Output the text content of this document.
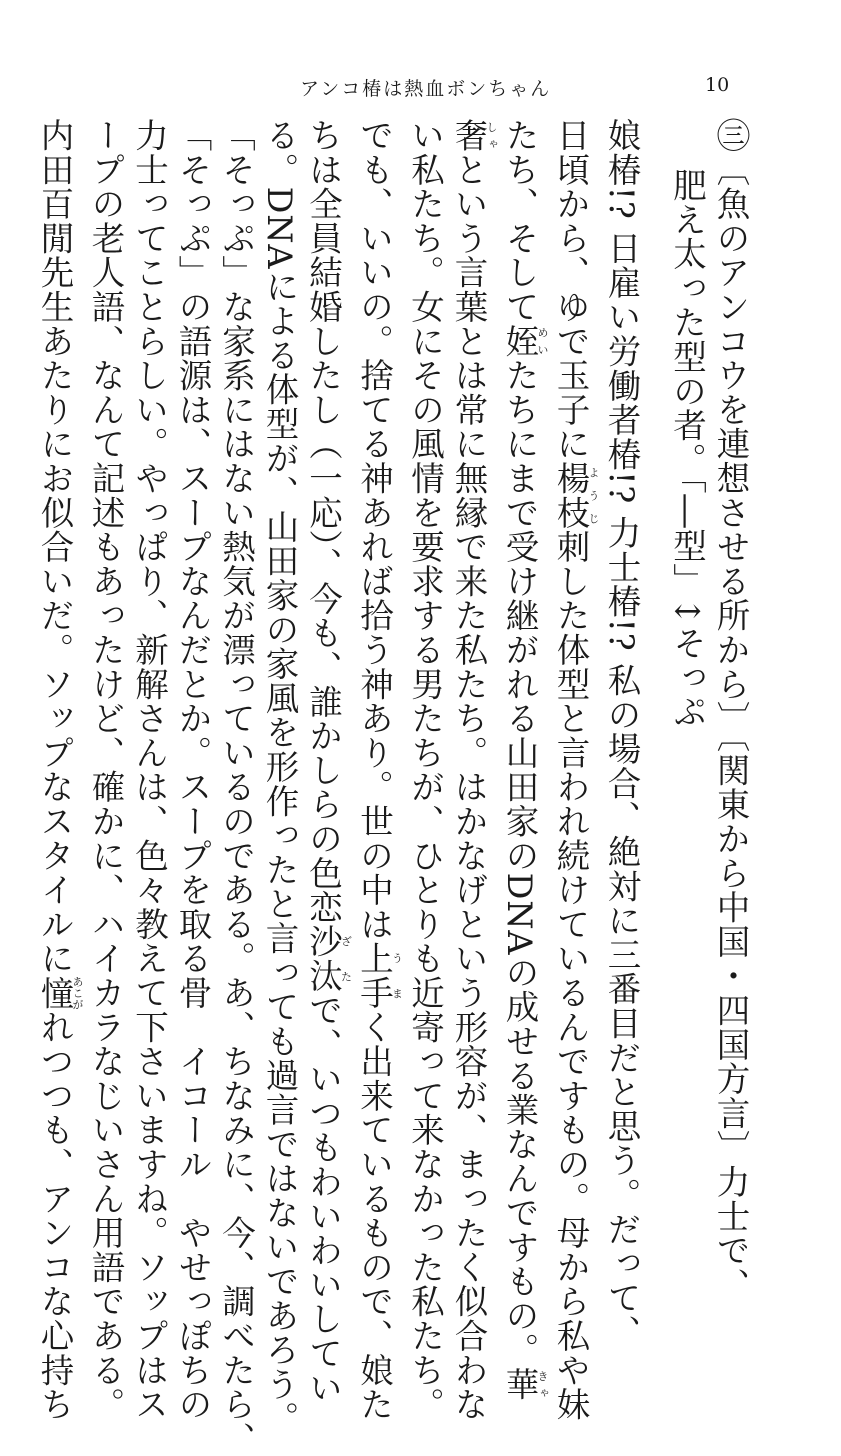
アンコ椿は熱血ボンちゃん	10
㊂〔魚のアンコウを連想させる所から〕〔関東から中国・四国方言〕力士で、
肥え太った型の者。「―型」↕そっぷ
娘椿!? 日雇い労働者椿!? 力士椿!? 私の場合、絶対に三番目だと思う。だって、
日頃から、ゆで玉子に楊枝ようじ刺した体型と言われ続けているんですもの。母から私や妹
たち、そして姪めいたちにまで受け継がれる山田家のDNAの成せる業なんですもの。華きゃ
奢しゃという言葉とは常に無縁で来た私たち。はかなげという形容が、まったく似合わな
い私たち。女にその風情を要求する男たちが、ひとりも近寄って来なかった私たち。
でも、いいの。捨てる神あれば拾う神あり。世の中は上手うまく出来ているもので、娘た
ちは全員結婚したし（一応）、今も、誰かしらの色恋沙汰ざたで、いつもわいわいしてい
る。DNAによる体型が、山田家の家風を形作ったと言っても過言ではないであろう。
「そっぷ」な家系にはない熱気が漂っているのである。あ、ちなみに、今、調べたら、
「そっぷ」の語源は、スープなんだとか。スープを取る骨　イコール　やせっぽちの
力士ってことらしい。やっぱり、新解さんは、色々教えて下さいますね。ソップはス
ープの老人語、なんて記述もあったけど、確かに、ハイカラなじいさん用語である。
内田百閒先生あたりにお似合いだ。ソップなスタイルに憧あこがれつつも、アンコな心持ち
